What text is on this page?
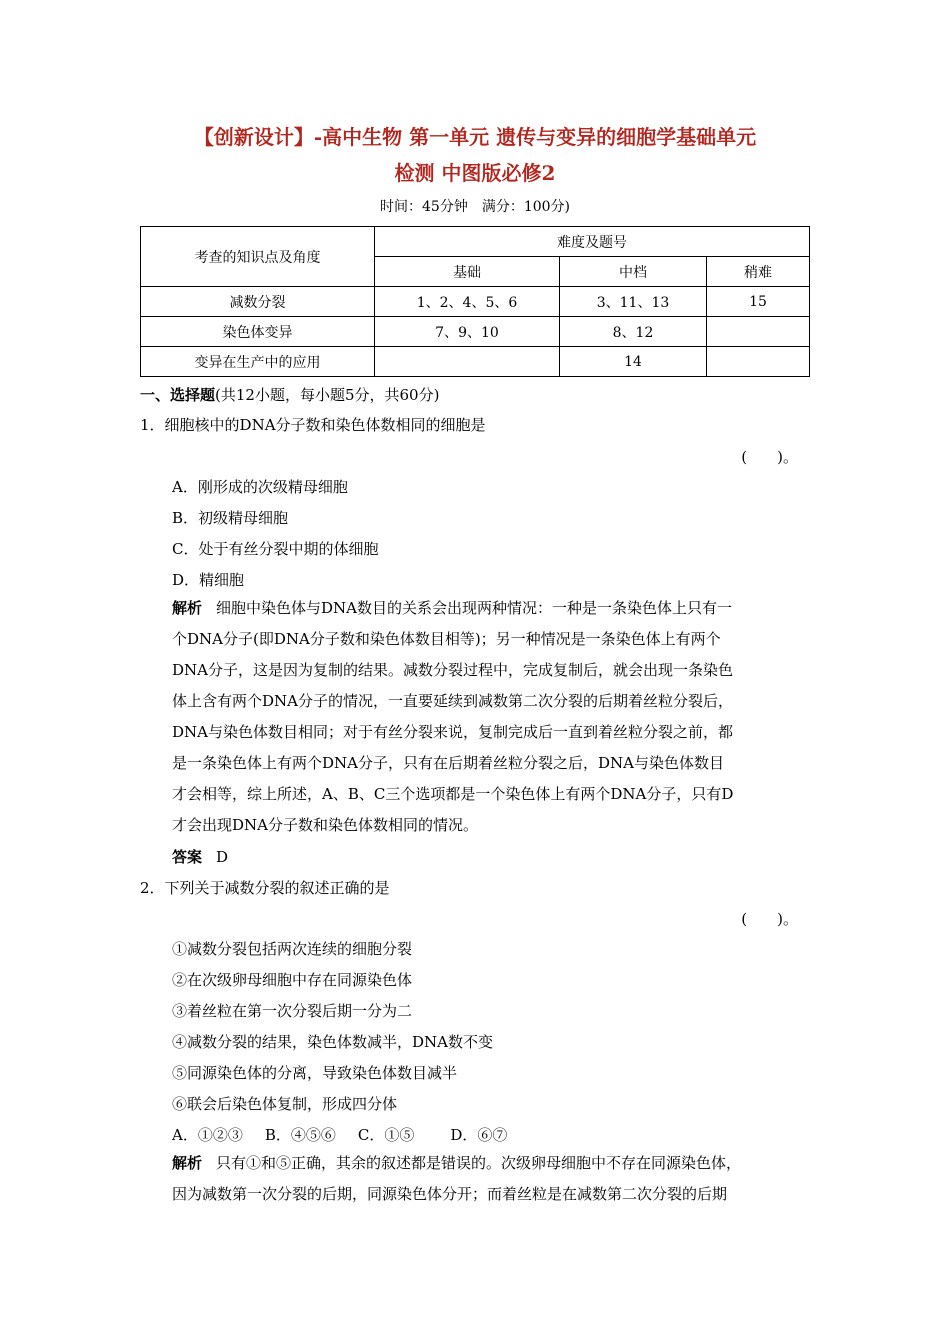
【创新设计】-高中生物 第一单元 遗传与变异的细胞学基础单元
检测 中图版必修2
时间：45分钟　满分：100分)
考查的知识点及角度	难度及题号		
	基础	中档	稍难
减数分裂	1、2、4、5、6	3、11、13	15
染色体变异	7、9、10	8、12	
变异在生产中的应用		14	
一、选择题(共12小题，每小题5分，共60分)
1．细胞核中的DNA分子数和染色体数相同的细胞是
(　　)。
A．刚形成的次级精母细胞
B．初级精母细胞
C．处于有丝分裂中期的体细胞
D．精细胞
解析 细胞中染色体与DNA数目的关系会出现两种情况：一种是一条染色体上只有一
个DNA分子(即DNA分子数和染色体数目相等)；另一种情况是一条染色体上有两个
DNA分子，这是因为复制的结果。减数分裂过程中，完成复制后，就会出现一条染色
体上含有两个DNA分子的情况，一直要延续到减数第二次分裂的后期着丝粒分裂后，
DNA与染色体数目相同；对于有丝分裂来说，复制完成后一直到着丝粒分裂之前，都
是一条染色体上有两个DNA分子，只有在后期着丝粒分裂之后，DNA与染色体数目
才会相等，综上所述，A、B、C三个选项都是一个染色体上有两个DNA分子，只有D
才会出现DNA分子数和染色体数相同的情况。
答案 D
2．下列关于减数分裂的叙述正确的是
(　　)。
①减数分裂包括两次连续的细胞分裂
②在次级卵母细胞中存在同源染色体
③着丝粒在第一次分裂后期一分为二
④减数分裂的结果，染色体数减半，DNA数不变
⑤同源染色体的分离，导致染色体数目减半
⑥联会后染色体复制，形成四分体
A．①②③ B．④⑤⑥ C．①⑤ D．⑥⑦
解析 只有①和⑤正确，其余的叙述都是错误的。次级卵母细胞中不存在同源染色体，
因为减数第一次分裂的后期，同源染色体分开；而着丝粒是在减数第二次分裂的后期
